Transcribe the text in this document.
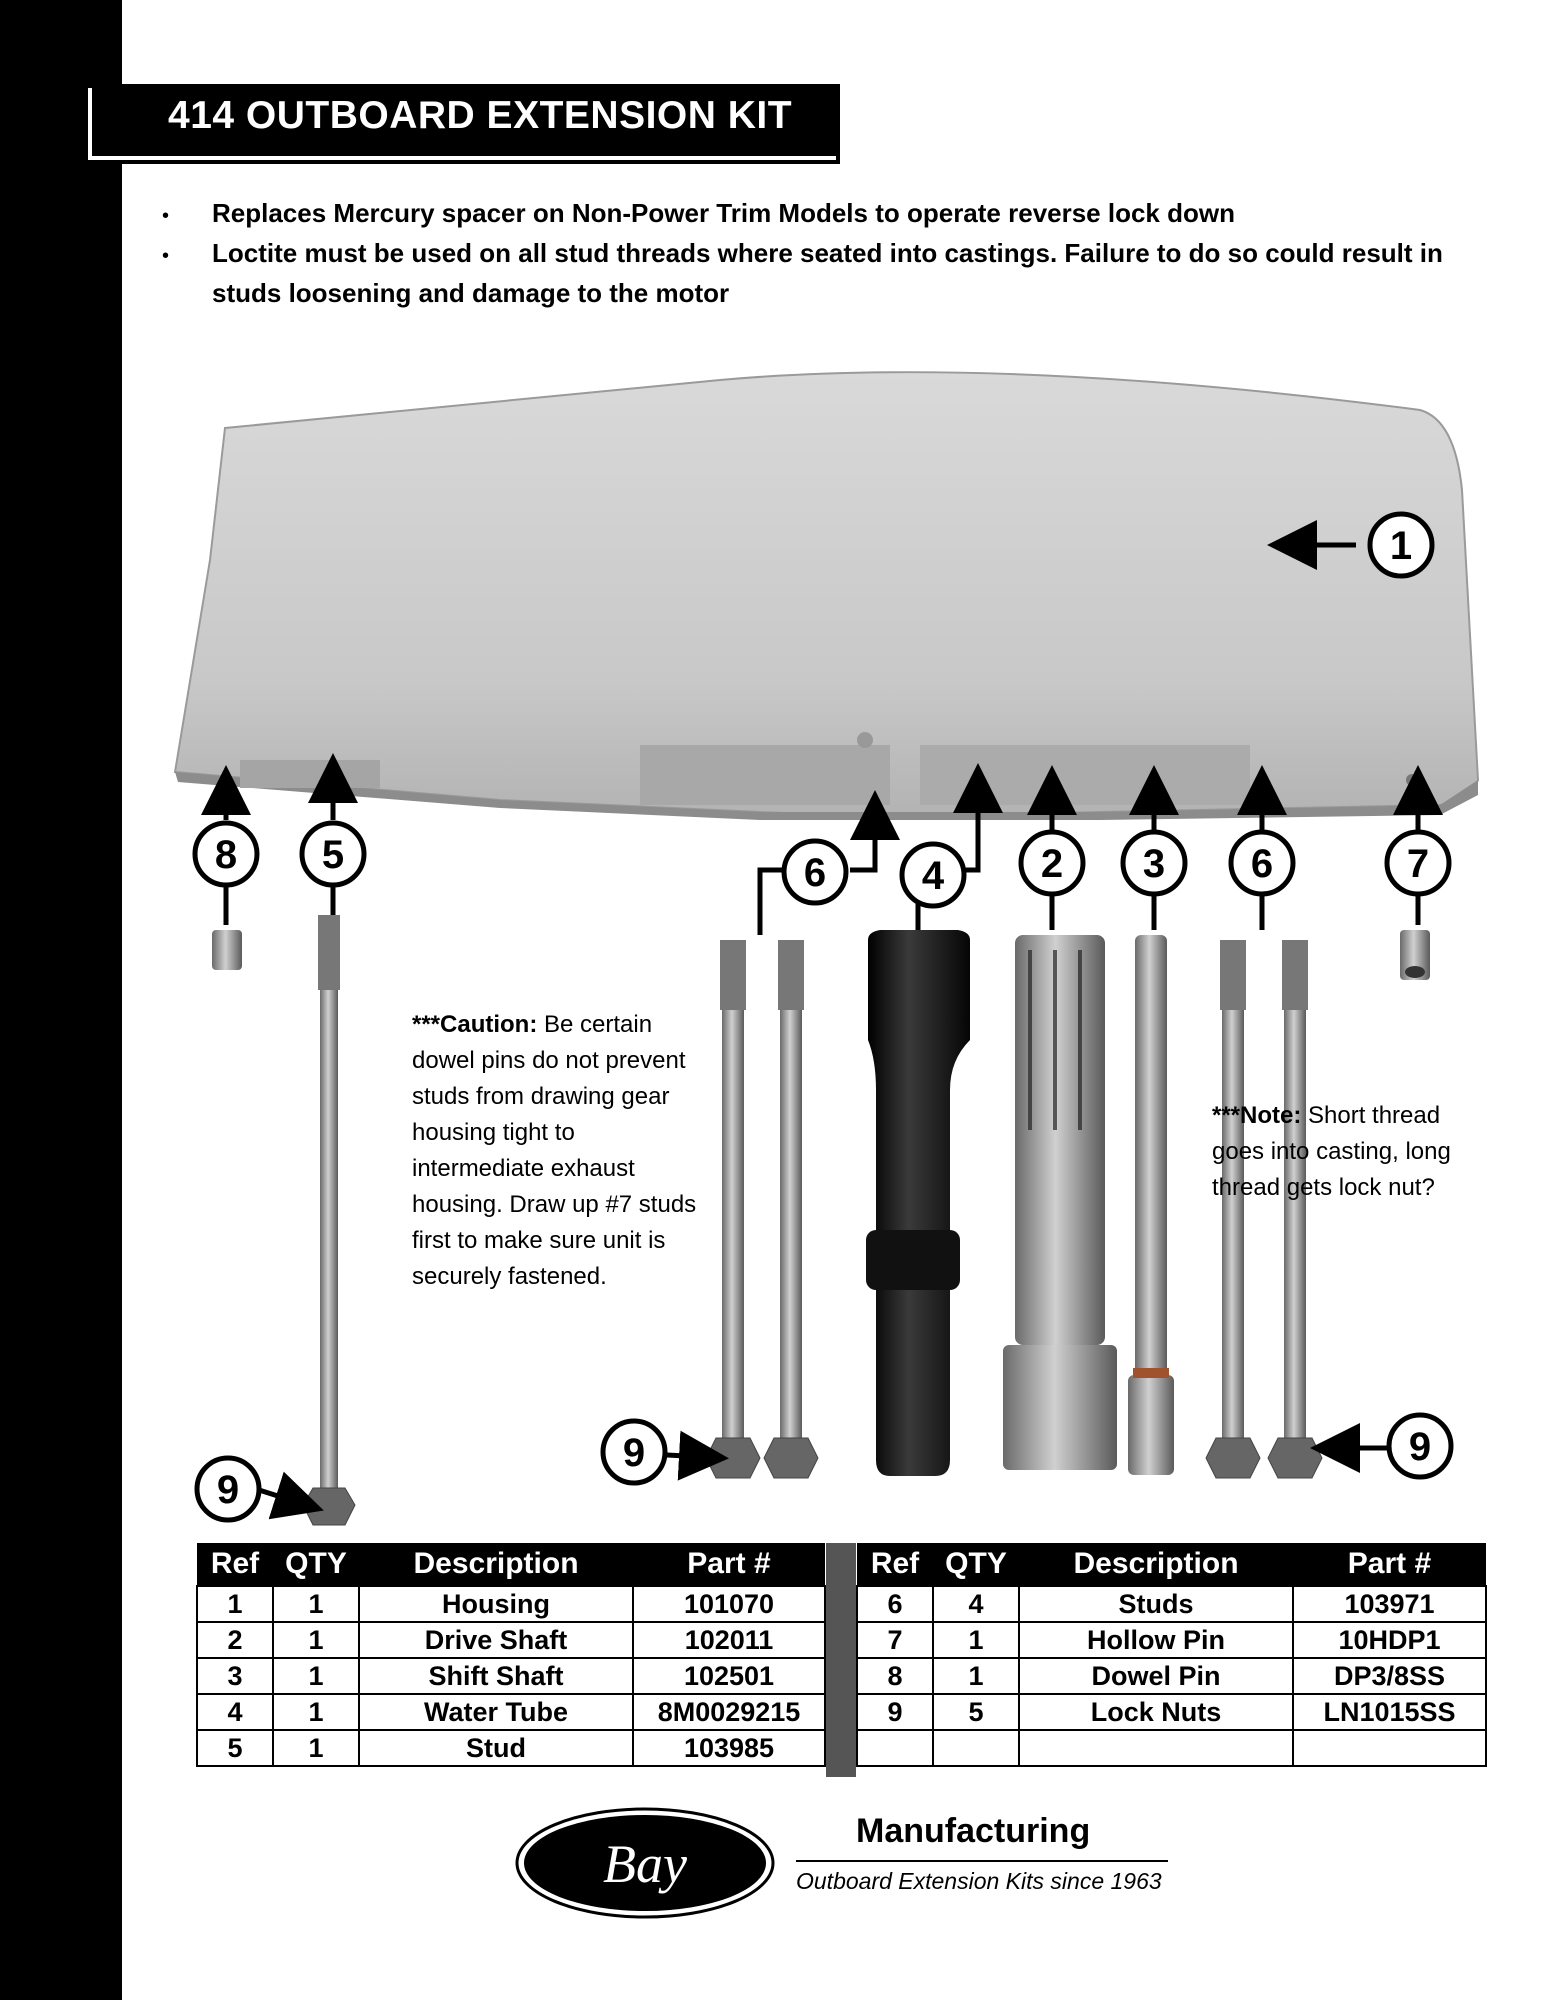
414 OUTBOARD EXTENSION KIT
• Replaces Mercury spacer on Non-Power Trim Models to operate reverse lock down
• Loctite must be used on all stud threads where seated into castings. Failure to do so could result in studs loosening and damage to the motor
1
8 5	6 4 2 3 6	7
9
9	9
***Caution: Be certain dowel pins do not prevent studs from drawing gear housing tight to intermediate exhaust housing. Draw up #7 studs first to make sure unit is securely fastened.
***Note: Short thread goes into casting, long thread gets lock nut?
Ref	QTY	Description	Part #
1	1	Housing	101070
2	1	Drive Shaft	102011
3	1	Shift Shaft	102501
4	1	Water Tube	8M0029215
5	1	Stud	103985
Ref	QTY	Description	Part #
6	4	Studs	103971
7	1	Hollow Pin	10HDP1
8	1	Dowel Pin	DP3/8SS
9	5	Lock Nuts	LN1015SS

Bay
Manufacturing
Outboard Extension Kits since 1963
